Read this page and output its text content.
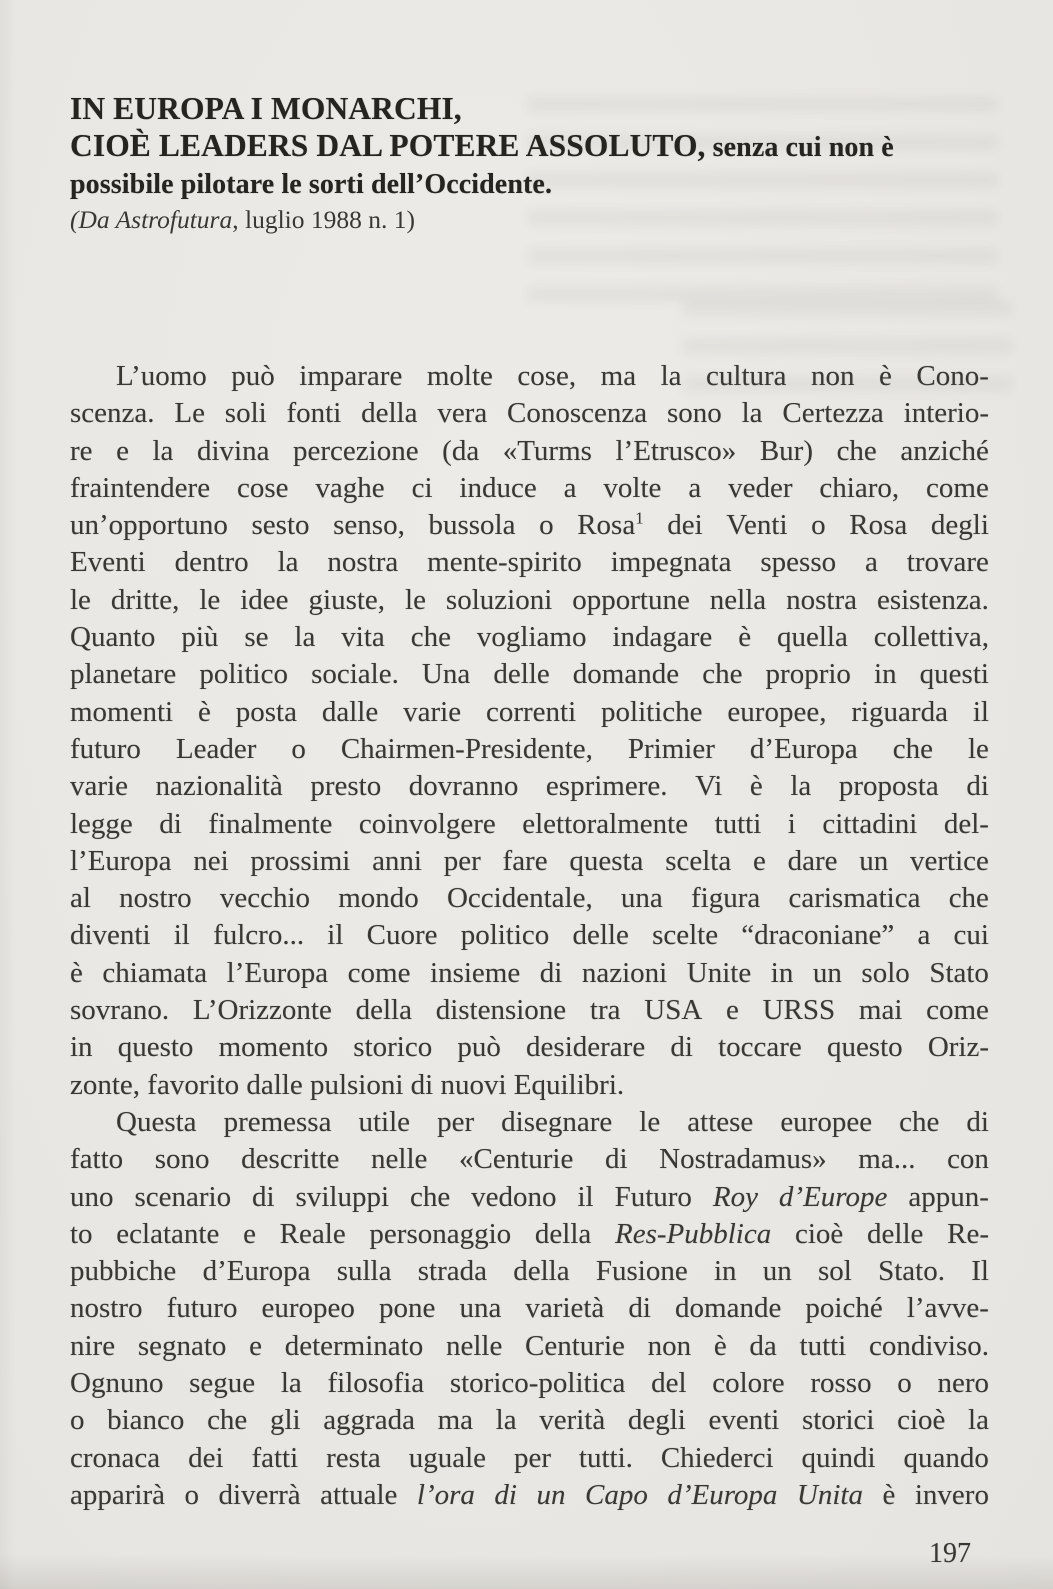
IN EUROPA I MONARCHI,
CIOÈ LEADERS DAL POTERE ASSOLUTO, senza cui non è
possibile pilotare le sorti dell’Occidente.
(Da Astrofutura, luglio 1988 n. 1)
L’uomo può imparare molte cose, ma la cultura non è Cono-
scenza. Le soli fonti della vera Conoscenza sono la Certezza interio-
re e la divina percezione (da «Turms l’Etrusco» Bur) che anziché
fraintendere cose vaghe ci induce a volte a veder chiaro, come
un’opportuno sesto senso, bussola o Rosa$^1$ dei Venti o Rosa degli
Eventi dentro la nostra mente-spirito impegnata spesso a trovare
le dritte, le idee giuste, le soluzioni opportune nella nostra esistenza.
Quanto più se la vita che vogliamo indagare è quella collettiva,
planetare politico sociale. Una delle domande che proprio in questi
momenti è posta dalle varie correnti politiche europee, riguarda il
futuro Leader o Chairmen-Presidente, Primier d’Europa che le
varie nazionalità presto dovranno esprimere. Vi è la proposta di
legge di finalmente coinvolgere elettoralmente tutti i cittadini del-
l’Europa nei prossimi anni per fare questa scelta e dare un vertice
al nostro vecchio mondo Occidentale, una figura carismatica che
diventi il fulcro... il Cuore politico delle scelte “draconiane” a cui
è chiamata l’Europa come insieme di nazioni Unite in un solo Stato
sovrano. L’Orizzonte della distensione tra USA e URSS mai come
in questo momento storico può desiderare di toccare questo Oriz-
zonte, favorito dalle pulsioni di nuovi Equilibri.
Questa premessa utile per disegnare le attese europee che di
fatto sono descritte nelle «Centurie di Nostradamus» ma... con
uno scenario di sviluppi che vedono il Futuro Roy d’Europe appun-
to eclatante e Reale personaggio della Res-Pubblica cioè delle Re-
pubbiche d’Europa sulla strada della Fusione in un sol Stato. Il
nostro futuro europeo pone una varietà di domande poiché l’avve-
nire segnato e determinato nelle Centurie non è da tutti condiviso.
Ognuno segue la filosofia storico-politica del colore rosso o nero
o bianco che gli aggrada ma la verità degli eventi storici cioè la
cronaca dei fatti resta uguale per tutti. Chiederci quindi quando
apparirà o diverrà attuale l’ora di un Capo d’Europa Unita è invero
197
